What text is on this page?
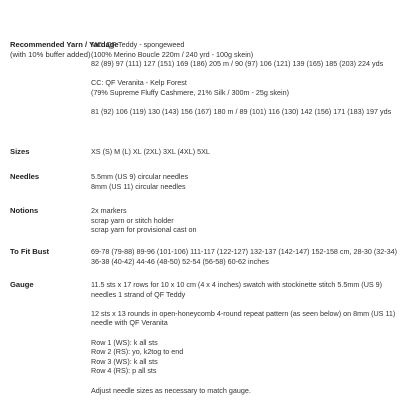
Recommended Yarn / Yardage
(with 10% buffer added)
MC: QF Teddy - spongeweed
(100% Merino Boucle 220m / 240 yrd - 100g skein)
82 (89) 97 (111) 127 (151) 169 (186) 205 m / 90 (97) 106 (121) 139 (165) 185 (203) 224 yds
CC: QF Veranita - Kelp Forest
(79% Supreme Fluffy Cashmere, 21% Silk / 300m - 25g skein)
81 (92) 106 (119) 130 (143) 156 (167) 180 m / 89 (101) 116 (130) 142 (156) 171 (183) 197 yds
Sizes	XS (S) M (L) XL (2XL) 3XL (4XL) 5XL
Needles	5.5mm (US 9) circular needles
8mm (US 11) circular needles
Notions	2x markers
scrap yarn or stitch holder
scrap yarn for provisional cast on
To Fit Bust	69-78 (79-88) 89-96 (101-106) 111-117 (122-127) 132-137 (142-147) 152-158 cm, 28-30 (32-34) 36-38 (40-42) 44-46 (48-50) 52-54 (56-58) 60-62 inches
Gauge	11.5 sts x 17 rows for 10 x 10 cm (4 x 4 inches) swatch with stockinette stitch 5.5mm (US 9) needles 1 strand of QF Teddy
12 sts x 13 rounds in open-honeycomb 4-round repeat pattern (as seen below) on 8mm (US 11) needle with QF Veranita
Row 1 (WS): k all sts
Row 2 (RS): yo, k2tog to end
Row 3 (WS): k all sts
Row 4 (RS): p all sts
Adjust needle sizes as necessary to match gauge.
